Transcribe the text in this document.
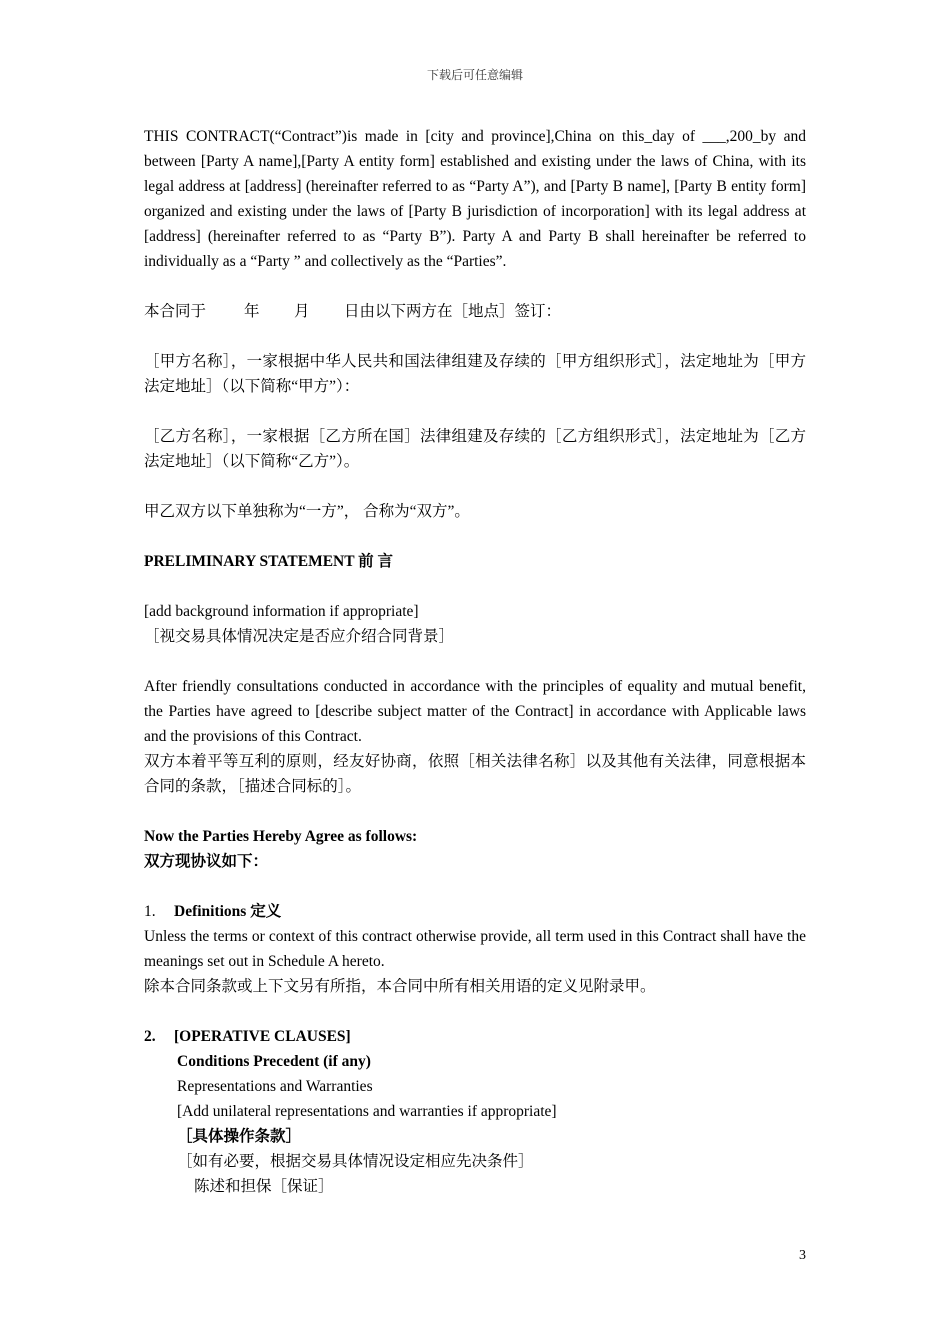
下载后可任意编辑

THIS CONTRACT(“Contract”)is made in [city and province],China on this_day of ___,200_by and between [Party A name],[Party A entity form] established and existing under the laws of China, with its legal address at [address] (hereinafter referred to as “Party A”), and [Party B name], [Party B entity form] organized and existing under the laws of [Party B jurisdiction of incorporation] with its legal address at [address] (hereinafter referred to as “Party B”). Party A and Party B shall hereinafter be referred to individually as a “Party ” and collectively as the “Parties”.

本合同于 年 月 日由以下两方在［地点］签订：

［甲方名称］，一家根据中华人民共和国法律组建及存续的［甲方组织形式］，法定地址为［甲方法定地址］（以下简称“甲方”）：

［乙方名称］，一家根据［乙方所在国］法律组建及存续的［乙方组织形式］，法定地址为［乙方法定地址］（以下简称“乙方”）。

甲乙双方以下单独称为“一方”， 合称为“双方”。

PRELIMINARY STATEMENT 前 言

[add background information if appropriate]

［视交易具体情况决定是否应介绍合同背景］

After friendly consultations conducted in accordance with the principles of equality and mutual benefit, the Parties have agreed to [describe subject matter of the Contract] in accordance with Applicable laws and the provisions of this Contract.

双方本着平等互利的原则，经友好协商，依照［相关法律名称］以及其他有关法律，同意根据本合同的条款，［描述合同标的］。

Now the Parties Hereby Agree as follows:

双方现协议如下：

1. Definitions 定义

Unless the terms or context of this contract otherwise provide, all term used in this Contract shall have the meanings set out in Schedule A hereto.

除本合同条款或上下文另有所指，本合同中所有相关用语的定义见附录甲。

2. [OPERATIVE CLAUSES]

Conditions Precedent (if any)

Representations and Warranties

[Add unilateral representations and warranties if appropriate]

［具体操作条款］

［如有必要，根据交易具体情况设定相应先决条件］

陈述和担保［保证］

3
